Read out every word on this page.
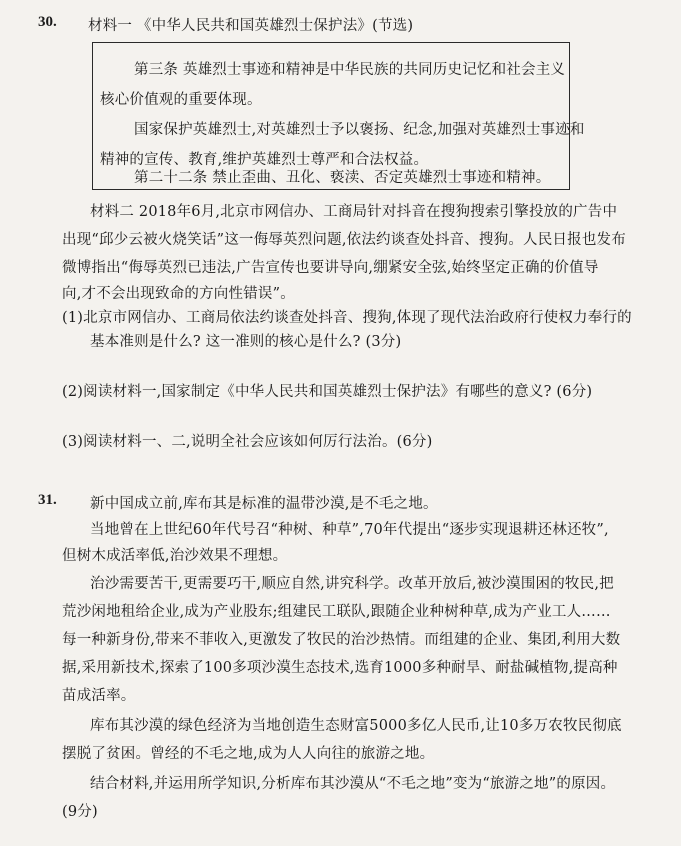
30. 材料一 《中华人民共和国英雄烈士保护法》(节选)
第三条 英雄烈士事迹和精神是中华民族的共同历史记忆和社会主义
核心价值观的重要体现。
国家保护英雄烈士,对英雄烈士予以褒扬、纪念,加强对英雄烈士事迹和
精神的宣传、教育,维护英雄烈士尊严和合法权益。
第二十二条 禁止歪曲、丑化、亵渎、否定英雄烈士事迹和精神。
材料二 2018年6月,北京市网信办、工商局针对抖音在搜狗搜索引擎投放的广告中
出现“邱少云被火烧笑话”这一侮辱英烈问题,依法约谈查处抖音、搜狗。人民日报也发布
微博指出“侮辱英烈已违法,广告宣传也要讲导向,绷紧安全弦,始终坚定正确的价值导
向,才不会出现致命的方向性错误”。
(1)北京市网信办、工商局依法约谈查处抖音、搜狗,体现了现代法治政府行使权力奉行的
基本准则是什么? 这一准则的核心是什么? (3分)
(2)阅读材料一,国家制定《中华人民共和国英雄烈士保护法》有哪些的意义? (6分)
(3)阅读材料一、二,说明全社会应该如何厉行法治。(6分)
31. 新中国成立前,库布其是标准的温带沙漠,是不毛之地。
当地曾在上世纪60年代号召“种树、种草”,70年代提出“逐步实现退耕还林还牧”,
但树木成活率低,治沙效果不理想。
治沙需要苦干,更需要巧干,顺应自然,讲究科学。改革开放后,被沙漠围困的牧民,把
荒沙闲地租给企业,成为产业股东;组建民工联队,跟随企业种树种草,成为产业工人……
每一种新身份,带来不菲收入,更激发了牧民的治沙热情。而组建的企业、集团,利用大数
据,采用新技术,探索了100多项沙漠生态技术,选育1000多种耐旱、耐盐碱植物,提高种
苗成活率。
库布其沙漠的绿色经济为当地创造生态财富5000多亿人民币,让10多万农牧民彻底
摆脱了贫困。曾经的不毛之地,成为人人向往的旅游之地。
结合材料,并运用所学知识,分析库布其沙漠从“不毛之地”变为“旅游之地”的原因。
(9分)
